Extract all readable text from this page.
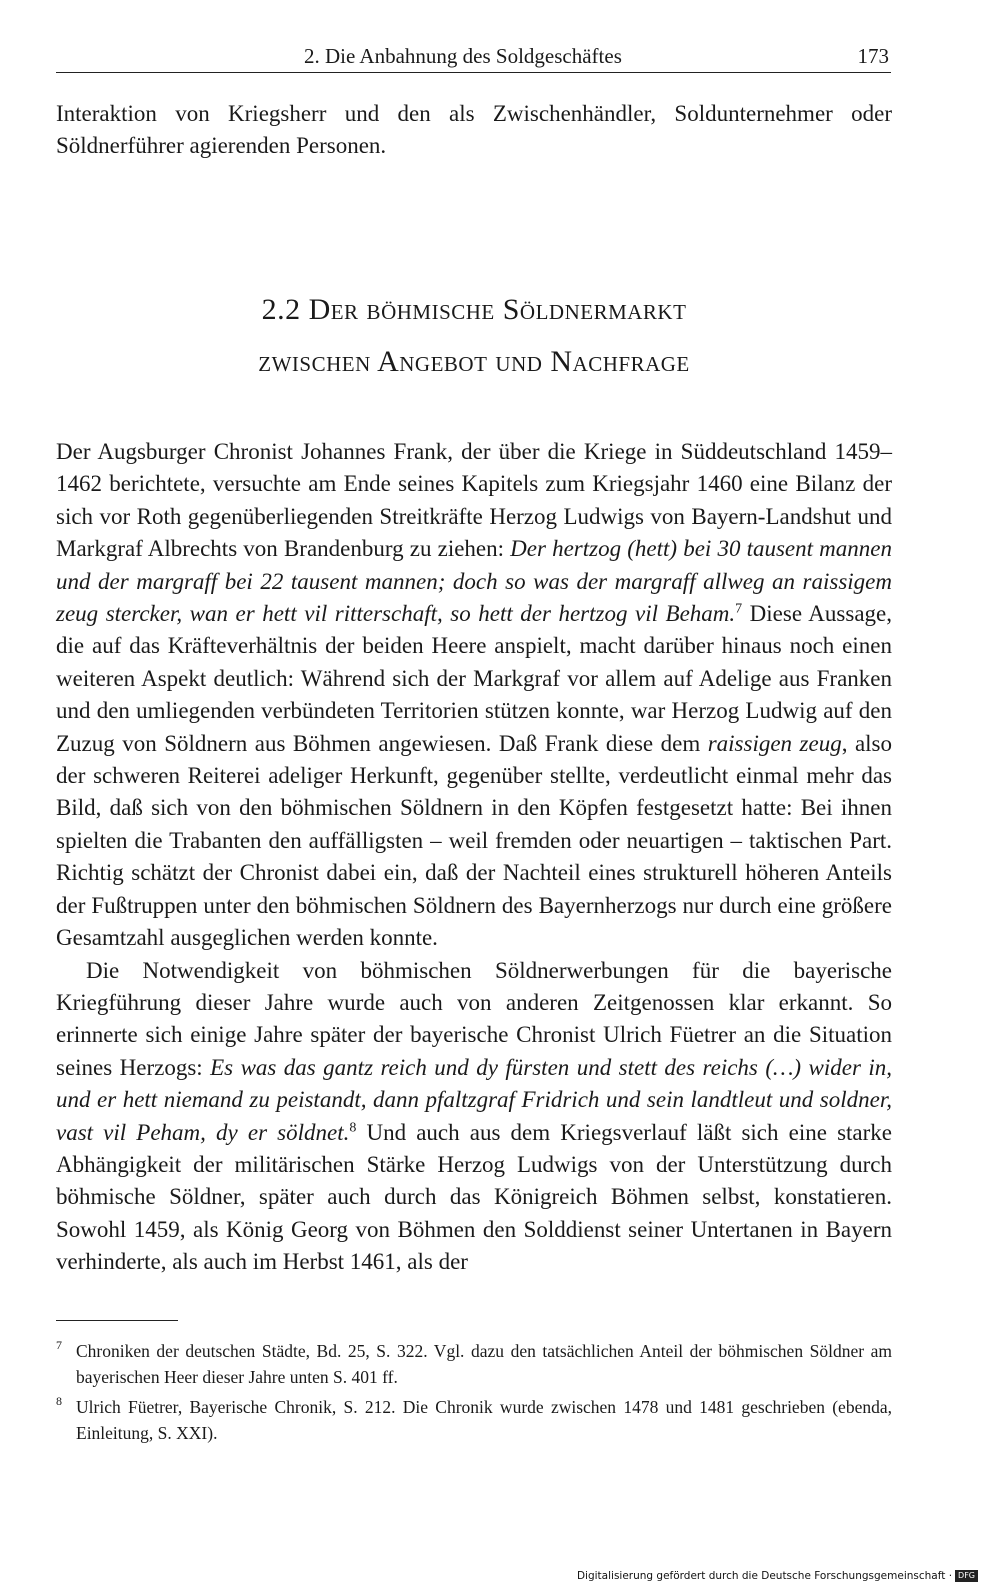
2. Die Anbahnung des Soldgeschäftes	173
Interaktion von Kriegsherr und den als Zwischenhändler, Soldunternehmer oder Söldnerführer agierenden Personen.
2.2 Der böhmische Söldnermarkt
zwischen Angebot und Nachfrage

Der Augsburger Chronist Johannes Frank, der über die Kriege in Süddeutschland 1459–1462 berichtete, versuchte am Ende seines Kapitels zum Kriegsjahr 1460 eine Bilanz der sich vor Roth gegenüberliegenden Streitkräfte Herzog Ludwigs von Bayern-Landshut und Markgraf Albrechts von Brandenburg zu ziehen: Der hertzog (hett) bei 30 tausent mannen und der margraff bei 22 tausent mannen; doch so was der margraff allweg an raissigem zeug stercker, wan er hett vil ritterschaft, so hett der hertzog vil Beham.$^7$ Diese Aussage, die auf das Kräfteverhältnis der beiden Heere anspielt, macht darüber hinaus noch einen weiteren Aspekt deutlich: Während sich der Markgraf vor allem auf Adelige aus Franken und den umliegenden verbündeten Territorien stützen konnte, war Herzog Ludwig auf den Zuzug von Söldnern aus Böhmen angewiesen. Daß Frank diese dem raissigen zeug, also der schweren Reiterei adeliger Herkunft, gegenüber stellte, verdeutlicht einmal mehr das Bild, daß sich von den böhmischen Söldnern in den Köpfen festgesetzt hatte: Bei ihnen spielten die Trabanten den auffälligsten – weil fremden oder neuartigen – taktischen Part. Richtig schätzt der Chronist dabei ein, daß der Nachteil eines strukturell höheren Anteils der Fußtruppen unter den böhmischen Söldnern des Bayernherzogs nur durch eine größere Gesamtzahl ausgeglichen werden konnte.

Die Notwendigkeit von böhmischen Söldnerwerbungen für die bayerische Kriegführung dieser Jahre wurde auch von anderen Zeitgenossen klar erkannt. So erinnerte sich einige Jahre später der bayerische Chronist Ulrich Füetrer an die Situation seines Herzogs: Es was das gantz reich und dy fürsten und stett des reichs (…) wider in, und er hett niemand zu peistandt, dann pfaltzgraf Fridrich und sein landtleut und soldner, vast vil Peham, dy er söldnet.$^8$ Und auch aus dem Kriegsverlauf läßt sich eine starke Abhängigkeit der militärischen Stärke Herzog Ludwigs von der Unterstützung durch böhmische Söldner, später auch durch das Königreich Böhmen selbst, konstatieren. Sowohl 1459, als König Georg von Böhmen den Solddienst seiner Untertanen in Bayern verhinderte, als auch im Herbst 1461, als der

7 Chroniken der deutschen Städte, Bd. 25, S. 322. Vgl. dazu den tatsächlichen Anteil der böhmischen Söldner am bayerischen Heer dieser Jahre unten S. 401 ff.
8 Ulrich Füetrer, Bayerische Chronik, S. 212. Die Chronik wurde zwischen 1478 und 1481 geschrieben (ebenda, Einleitung, S. XXI).
Digitalisierung gefördert durch die Deutsche Forschungsgemeinschaft · DFG
